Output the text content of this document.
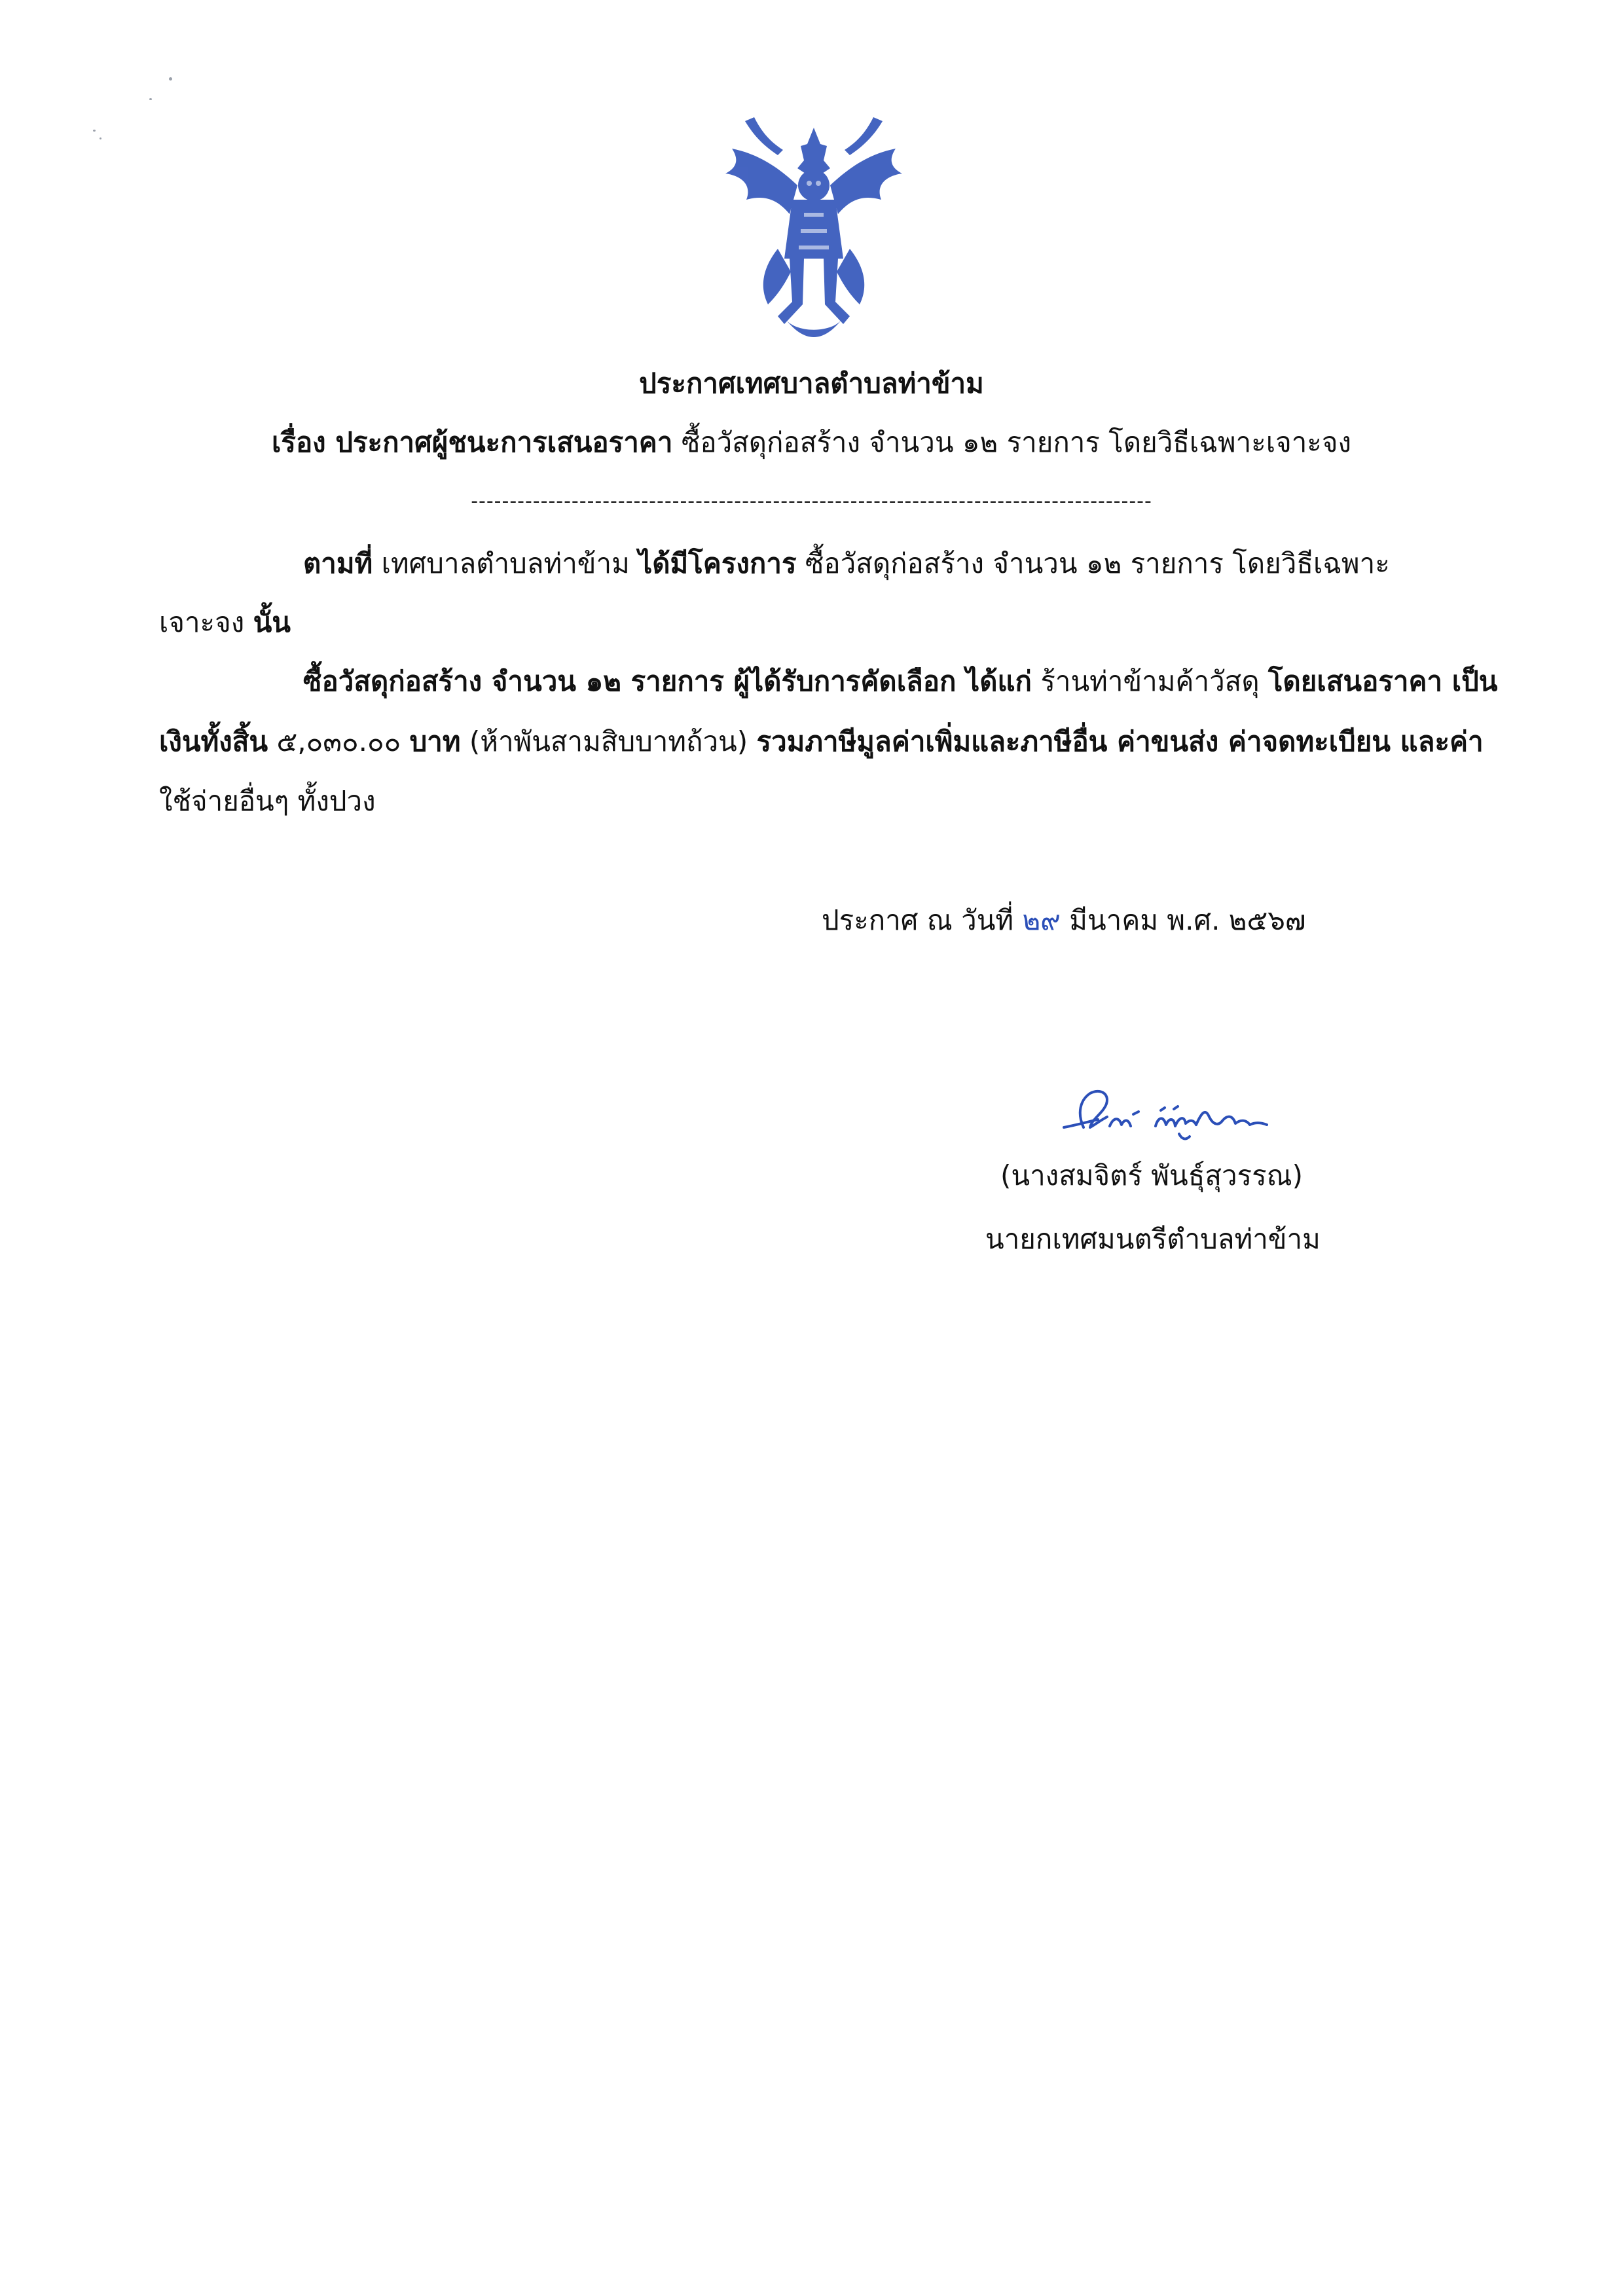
ประกาศเทศบาลตำบลท่าข้าม
เรื่อง ประกาศผู้ชนะการเสนอราคา ซื้อวัสดุก่อสร้าง จำนวน ๑๒ รายการ โดยวิธีเฉพาะเจาะจง
----------------------------------------------------------------------------------------
ตามที่ เทศบาลตำบลท่าข้าม ได้มีโครงการ ซื้อวัสดุก่อสร้าง จำนวน ๑๒ รายการ โดยวิธีเฉพาะ
เจาะจง นั้น
ซื้อวัสดุก่อสร้าง จำนวน ๑๒ รายการ ผู้ได้รับการคัดเลือก ได้แก่ ร้านท่าข้ามค้าวัสดุ โดยเสนอราคา เป็น
เงินทั้งสิ้น ๕,๐๓๐.๐๐ บาท (ห้าพันสามสิบบาทถ้วน) รวมภาษีมูลค่าเพิ่มและภาษีอื่น ค่าขนส่ง ค่าจดทะเบียน และค่า
ใช้จ่ายอื่นๆ ทั้งปวง
ประกาศ ณ วันที่ ๒๙ มีนาคม พ.ศ. ๒๕๖๗
(นางสมจิตร์ พันธุ์สุวรรณ)
นายกเทศมนตรีตำบลท่าข้าม
